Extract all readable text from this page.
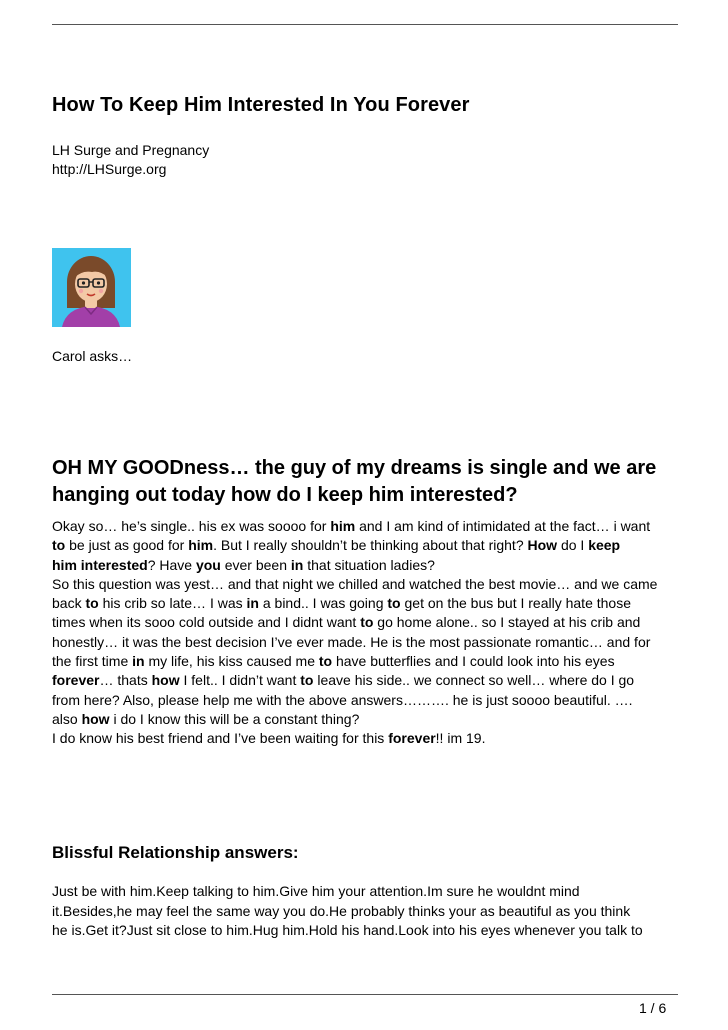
How To Keep Him Interested In You Forever
LH Surge and Pregnancy
http://LHSurge.org
Carol asks…
OH MY GOODness… the guy of my dreams is single and we are hanging out today how do I keep him interested?

Okay so… he’s single.. his ex was soooo for him and I am kind of intimidated at the fact… i want

to be just as good for him. But I really shouldn’t be thinking about that right? How do I keep

him interested? Have you ever been in that situation ladies?

So this question was yest… and that night we chilled and watched the best movie… and we came

back to his crib so late… I was in a bind.. I was going to get on the bus but I really hate those

times when its sooo cold outside and I didnt want to go home alone.. so I stayed at his crib and

honestly… it was the best decision I’ve ever made. He is the most passionate romantic… and for

the first time in my life, his kiss caused me to have butterflies and I could look into his eyes

forever… thats how I felt.. I didn’t want to leave his side.. we connect so well… where do I go

from here? Also, please help me with the above answers………. he is just soooo beautiful. ….

also how i do I know this will be a constant thing?

I do know his best friend and I’ve been waiting for this forever!! im 19.

Blissful Relationship answers:

Just be with him.Keep talking to him.Give him your attention.Im sure he wouldnt mind

it.Besides,he may feel the same way you do.He probably thinks your as beautiful as you think

he is.Get it?Just sit close to him.Hug him.Hold his hand.Look into his eyes whenever you talk to

1 / 6
